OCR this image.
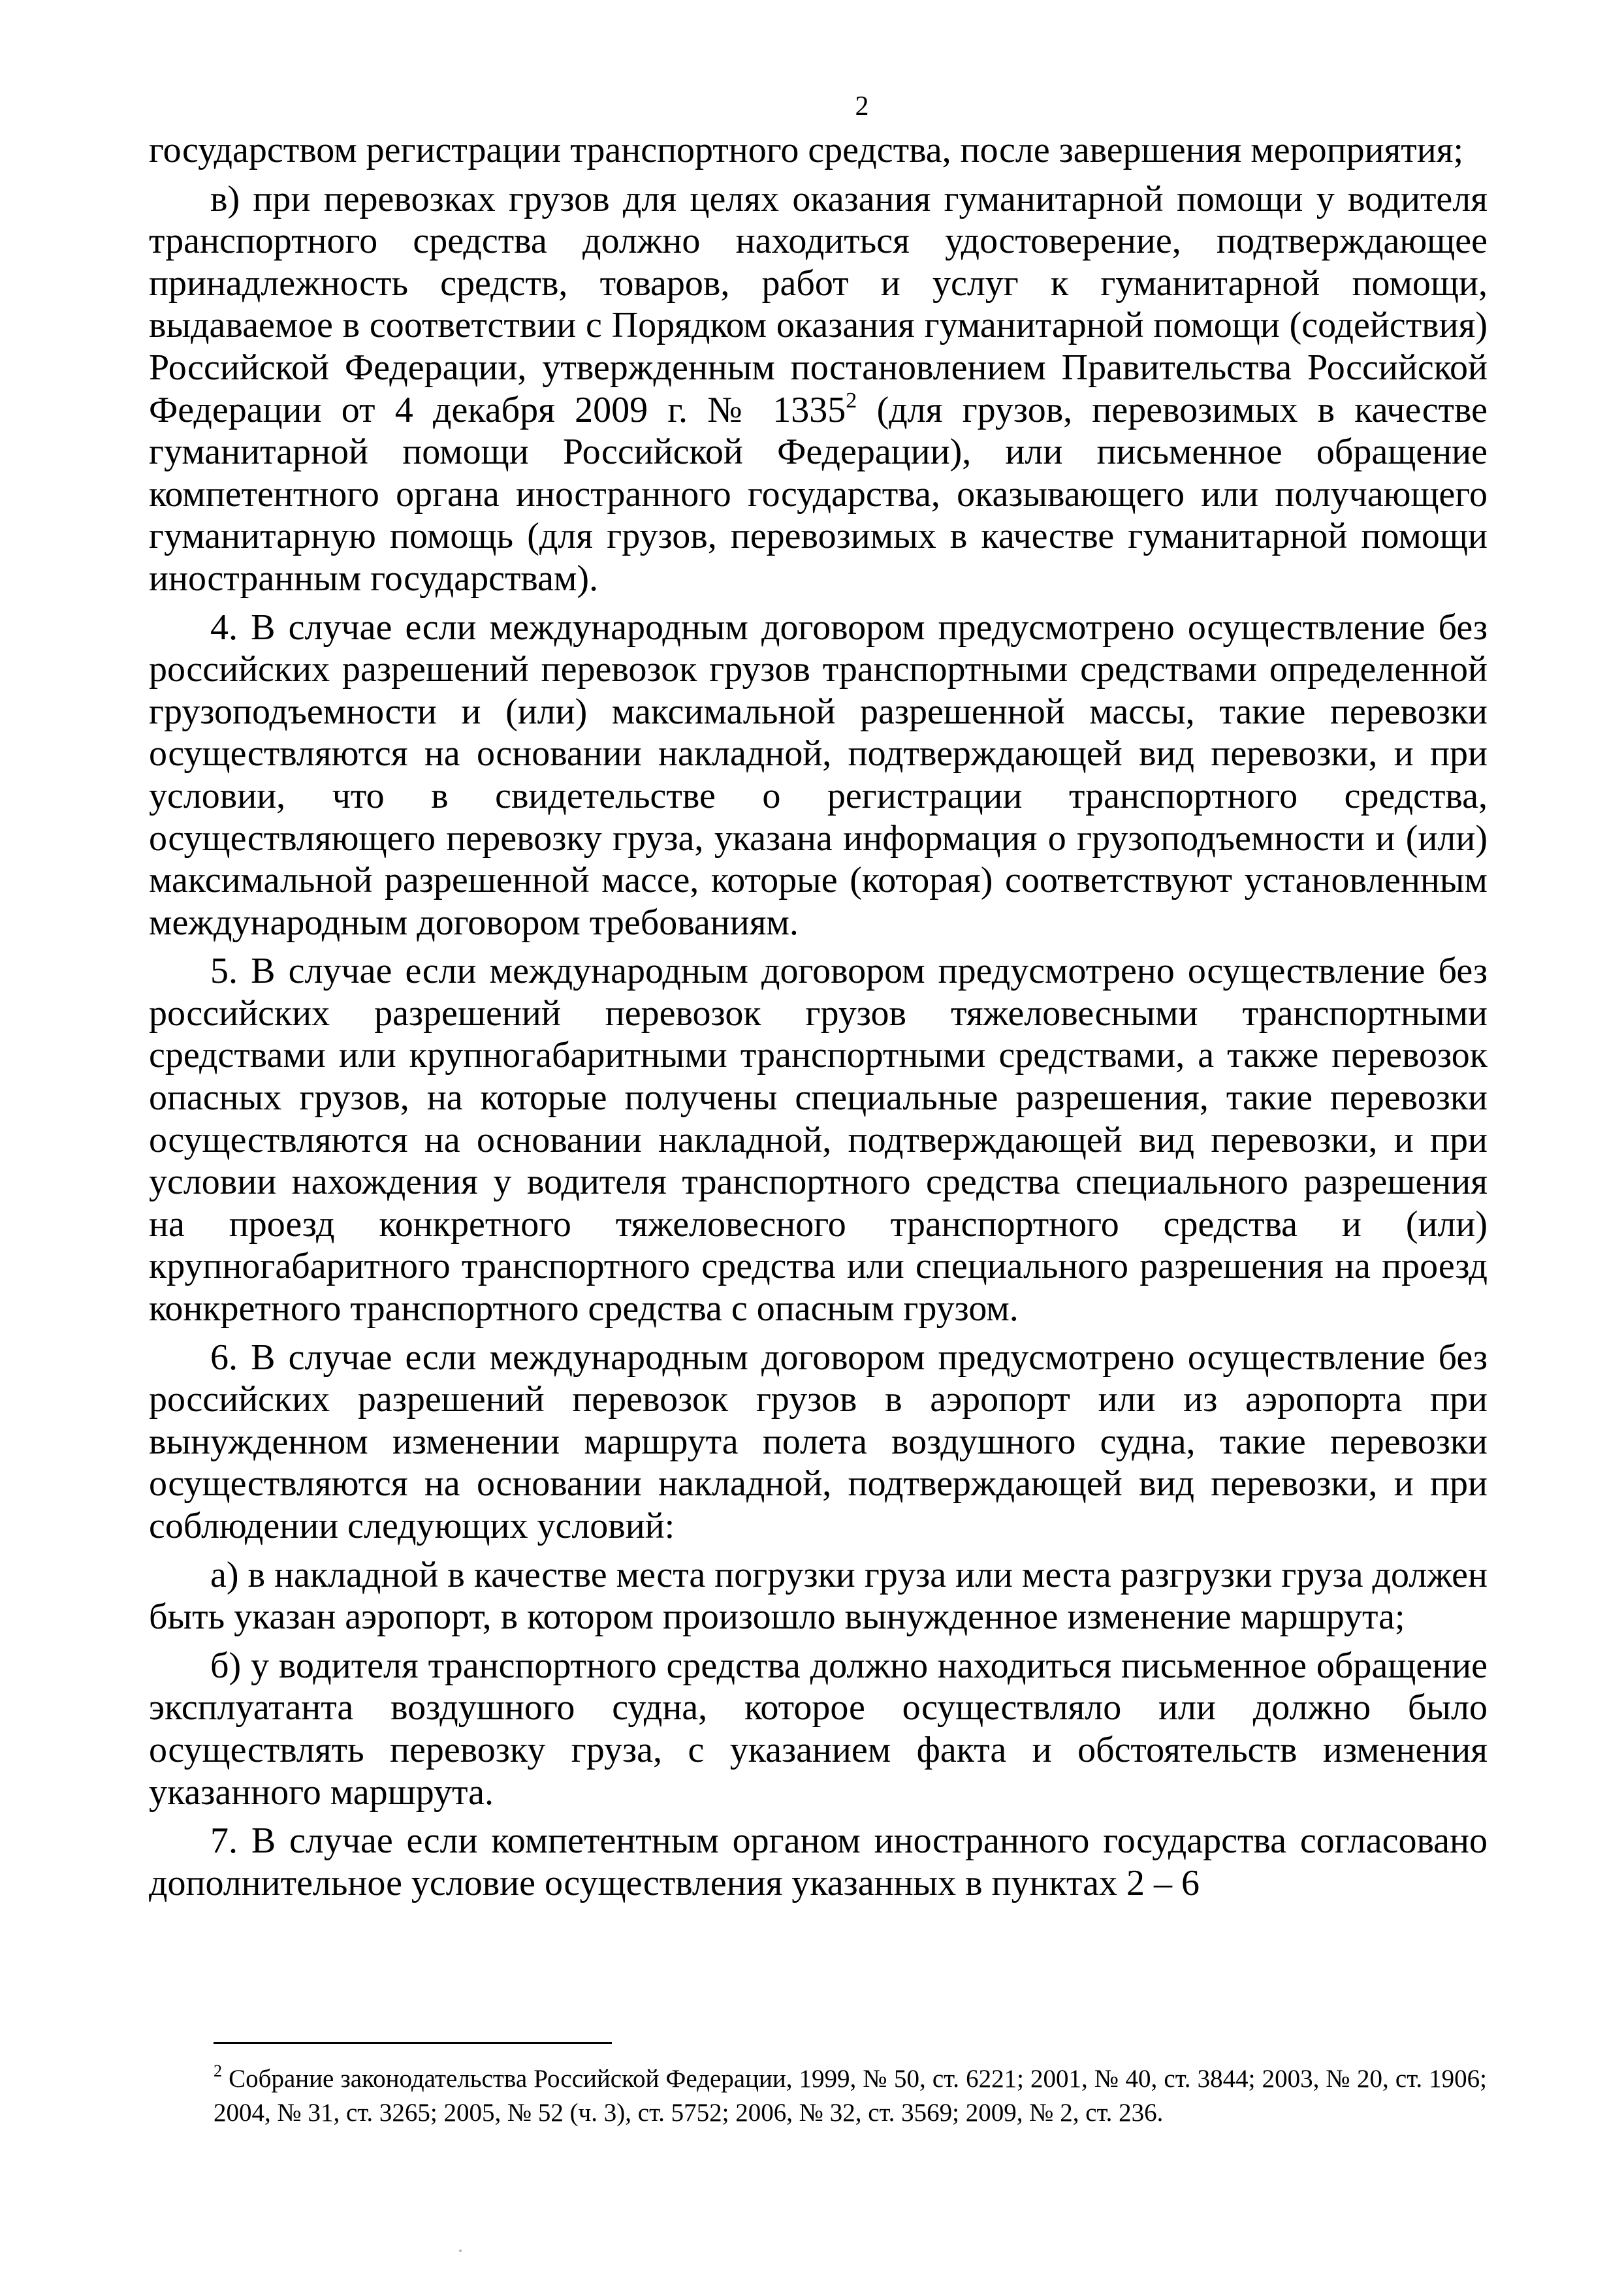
2

государством регистрации транспортного средства, после завершения мероприятия;

в) при перевозках грузов для целях оказания гуманитарной помощи у водителя транспортного средства должно находиться удостоверение, подтверждающее принадлежность средств, товаров, работ и услуг к гуманитарной помощи, выдаваемое в соответствии с Порядком оказания гуманитарной помощи (содействия) Российской Федерации, утвержденным постановлением Правительства Российской Федерации от 4 декабря 2009 г. № 1335$^2$ (для грузов, перевозимых в качестве гуманитарной помощи Российской Федерации), или письменное обращение компетентного органа иностранного государства, оказывающего или получающего гуманитарную помощь (для грузов, перевозимых в качестве гуманитарной помощи иностранным государствам).

4. В случае если международным договором предусмотрено осуществление без российских разрешений перевозок грузов транспортными средствами определенной грузоподъемности и (или) максимальной разрешенной массы, такие перевозки осуществляются на основании накладной, подтверждающей вид перевозки, и при условии, что в свидетельстве о регистрации транспортного средства, осуществляющего перевозку груза, указана информация о грузоподъемности и (или) максимальной разрешенной массе, которые (которая) соответствуют установленным международным договором требованиям.

5. В случае если международным договором предусмотрено осуществление без российских разрешений перевозок грузов тяжеловесными транспортными средствами или крупногабаритными транспортными средствами, а также перевозок опасных грузов, на которые получены специальные разрешения, такие перевозки осуществляются на основании накладной, подтверждающей вид перевозки, и при условии нахождения у водителя транспортного средства специального разрешения на проезд конкретного тяжеловесного транспортного средства и (или) крупногабаритного транспортного средства или специального разрешения на проезд конкретного транспортного средства с опасным грузом.

6. В случае если международным договором предусмотрено осуществление без российских разрешений перевозок грузов в аэропорт или из аэропорта при вынужденном изменении маршрута полета воздушного судна, такие перевозки осуществляются на основании накладной, подтверждающей вид перевозки, и при соблюдении следующих условий:

а) в накладной в качестве места погрузки груза или места разгрузки груза должен быть указан аэропорт, в котором произошло вынужденное изменение маршрута;

б) у водителя транспортного средства должно находиться письменное обращение эксплуатанта воздушного судна, которое осуществляло или должно было осуществлять перевозку груза, с указанием факта и обстоятельств изменения указанного маршрута.

7. В случае если компетентным органом иностранного государства согласовано дополнительное условие осуществления указанных в пунктах 2 – 6

$^2$ Собрание законодательства Российской Федерации, 1999, № 50, ст. 6221; 2001, № 40, ст. 3844; 2003, № 20, ст. 1906; 2004, № 31, ст. 3265; 2005, № 52 (ч. 3), ст. 5752; 2006, № 32, ст. 3569; 2009, № 2, ст. 236.
